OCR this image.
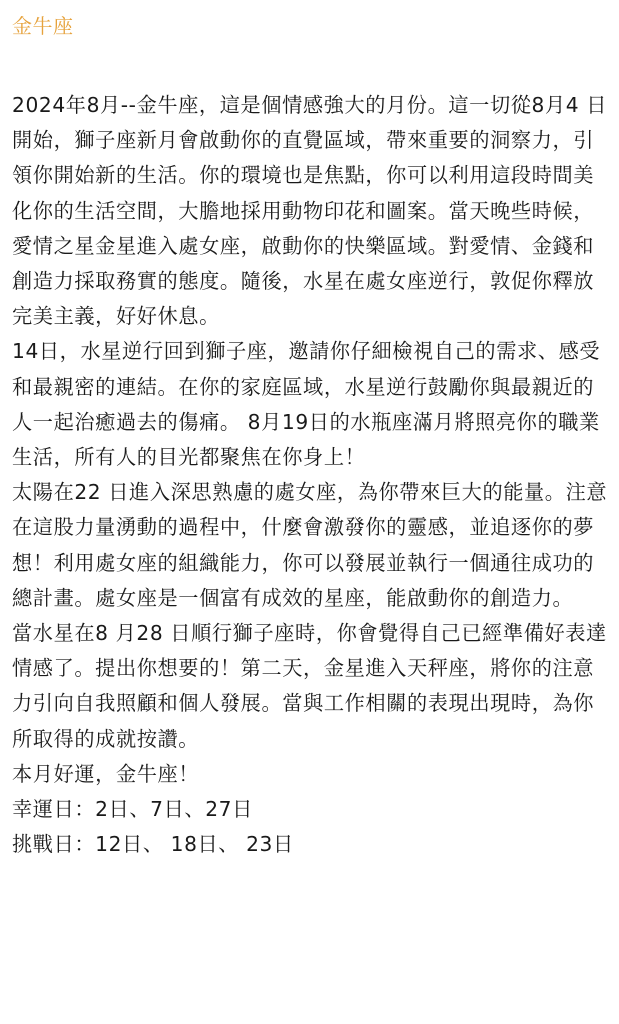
金牛座

2024年8月--金牛座，這是個情感強大的月份。這一切從8月4 日開始，獅子座新月會啟動你的直覺區域，帶來重要的洞察力，引領你開始新的生活。你的環境也是焦點，你可以利用這段時間美化你的生活空間，大膽地採用動物印花和圖案。當天晚些時候，愛情之星金星進入處女座，啟動你的快樂區域。對愛情、金錢和創造力採取務實的態度。隨後，水星在處女座逆行，敦促你釋放完美主義，好好休息。

14日，水星逆行回到獅子座，邀請你仔細檢視自己的需求、感受和最親密的連結。在你的家庭區域，水星逆行鼓勵你與最親近的人一起治癒過去的傷痛。 8月19日的水瓶座滿月將照亮你的職業生活，所有人的目光都聚焦在你身上！

太陽在22 日進入深思熟慮的處女座，為你帶來巨大的能量。注意在這股力量湧動的過程中，什麼會激發你的靈感，並追逐你的夢想！利用處女座的組織能力，你可以發展並執行一個通往成功的總計畫。處女座是一個富有成效的星座，能啟動你的創造力。

當水星在8 月28 日順行獅子座時，你會覺得自己已經準備好表達情感了。提出你想要的！第二天，金星進入天秤座，將你的注意力引向自我照顧和個人發展。當與工作相關的表現出現時，為你所取得的成就按讚。

本月好運，金牛座！

幸運日：2日、7日、27日

挑戰日：12日、 18日、 23日
